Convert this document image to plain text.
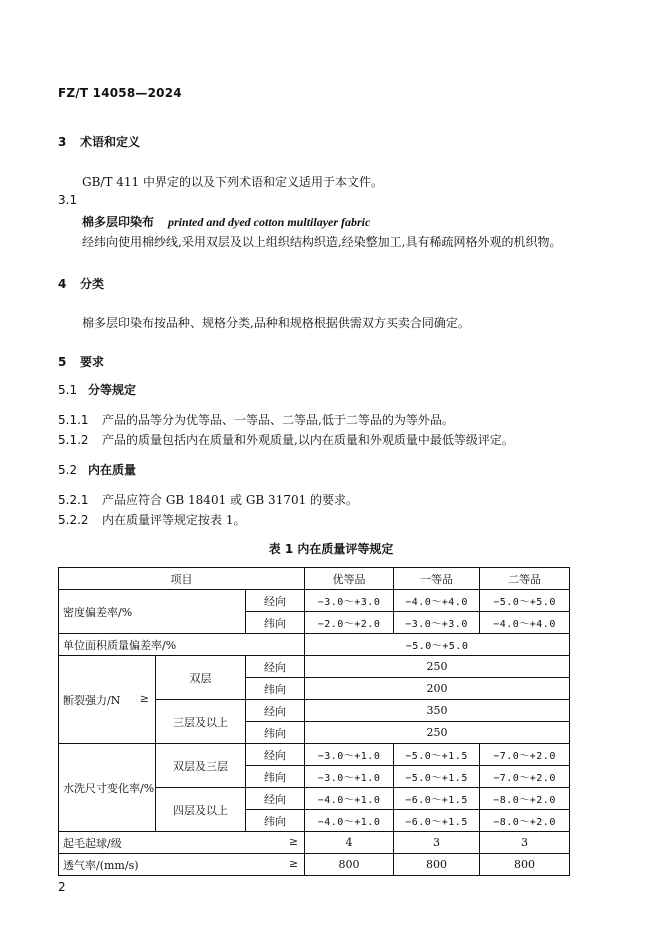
FZ/T 14058—2024
3 术语和定义
GB/T 411 中界定的以及下列术语和定义适用于本文件。
3.1
棉多层印染布 printed and dyed cotton multilayer fabric
经纬向使用棉纱线,采用双层及以上组织结构织造,经染整加工,具有稀疏网格外观的机织物。
4 分类
棉多层印染布按品种、规格分类,品种和规格根据供需双方买卖合同确定。
5 要求
5.1 分等规定
5.1.1 产品的品等分为优等品、一等品、二等品,低于二等品的为等外品。
5.1.2 产品的质量包括内在质量和外观质量,以内在质量和外观质量中最低等级评定。
5.2 内在质量
5.2.1 产品应符合 GB 18401 或 GB 31701 的要求。
5.2.2 内在质量评等规定按表 1。
表 1 内在质量评等规定
项目			优等品	一等品	二等品
密度偏差率/%		经向	−3.0～+3.0	−4.0～+4.0	−5.0～+5.0
		纬向	−2.0～+2.0	−3.0～+3.0	−4.0～+4.0
单位面积质量偏差率/%			−5.0～+5.0		
断裂强力/N ≥	双层	经向	250		
		纬向	200		
	三层及以上	经向	350		
		纬向	250		
水洗尺寸变化率/%	双层及三层	经向	−3.0～+1.0	−5.0～+1.5	−7.0～+2.0
		纬向	−3.0～+1.0	−5.0～+1.5	−7.0～+2.0
	四层及以上	经向	−4.0～+1.0	−6.0～+1.5	−8.0～+2.0
		纬向	−4.0～+1.0	−6.0～+1.5	−8.0～+2.0
起毛起球/级 ≥			4	3	3
透气率/(mm/s) ≥			800	800	800
2
